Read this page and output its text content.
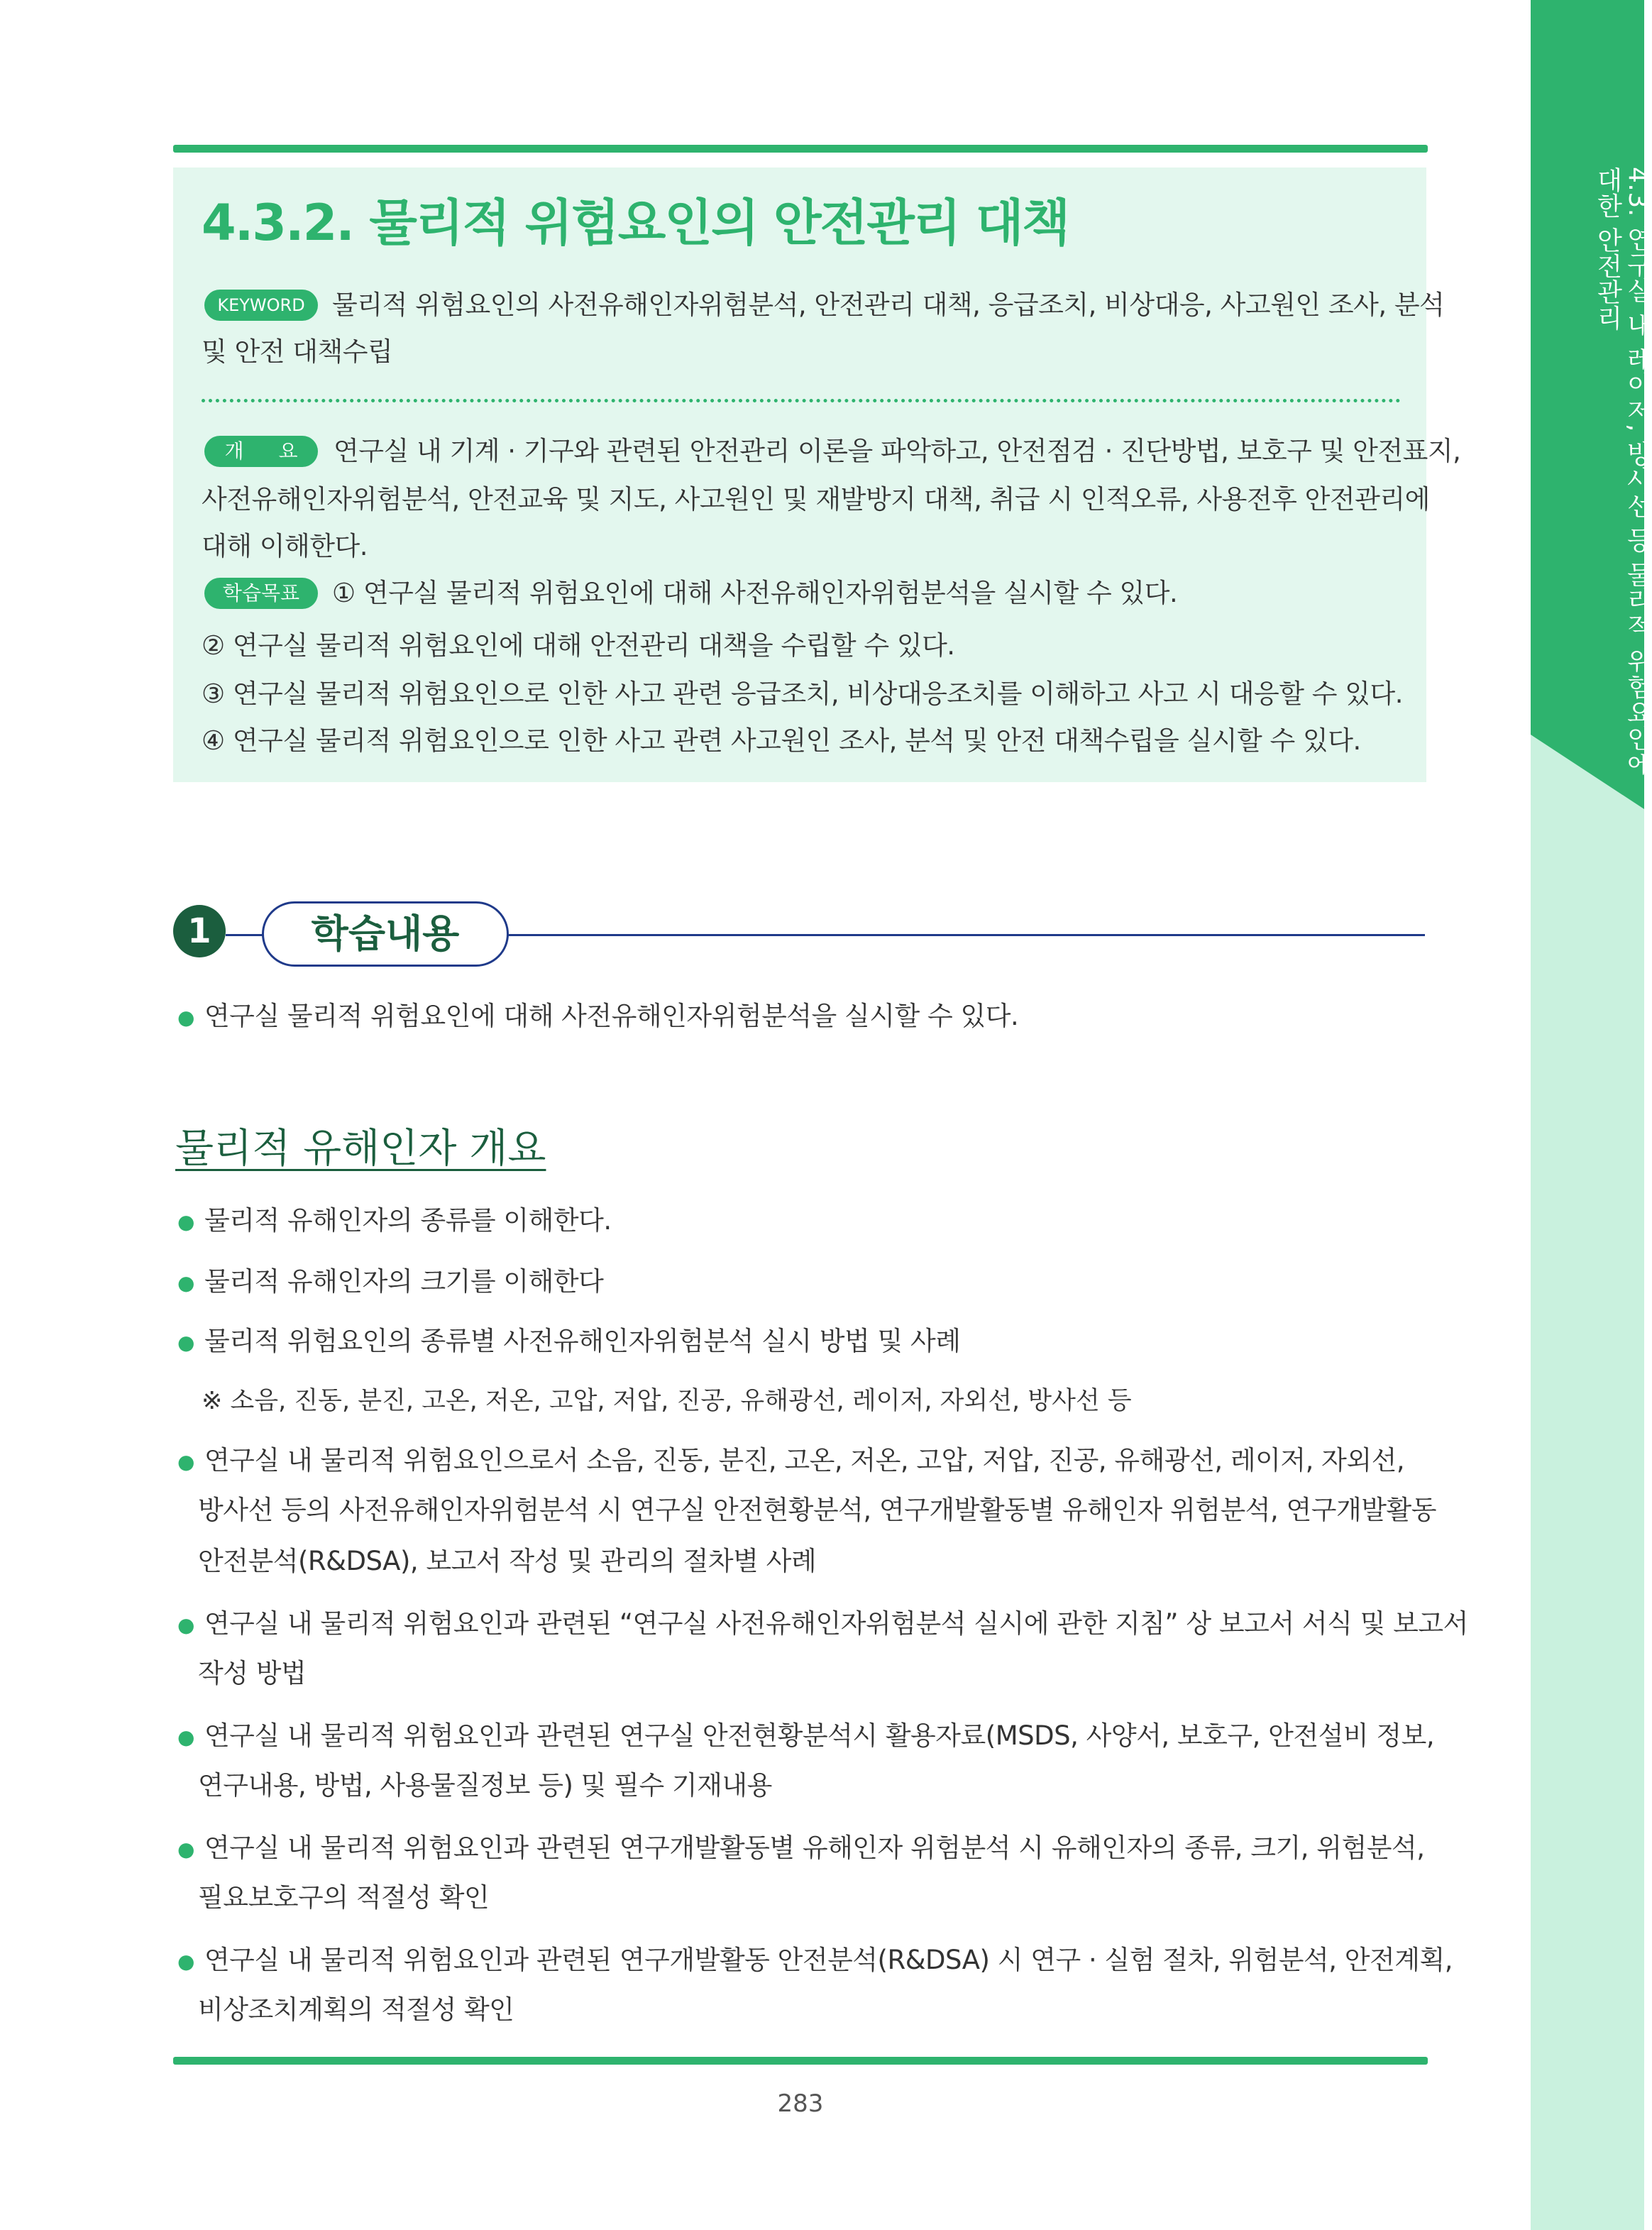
4.3. 연구실 내 레이저, 방사선 등 물리적 위험요인에
대한 안전관리
4.3.2. 물리적 위험요인의 안전관리 대책
KEYWORD	물리적 위험요인의 사전유해인자위험분석, 안전관리 대책, 응급조치, 비상대응, 사고원인 조사, 분석
및 안전 대책수립
개 요	연구실 내 기계 · 기구와 관련된 안전관리 이론을 파악하고, 안전점검 · 진단방법, 보호구 및 안전표지,
사전유해인자위험분석, 안전교육 및 지도, 사고원인 및 재발방지 대책, 취급 시 인적오류, 사용전후 안전관리에
대해 이해한다.
학습목표	① 연구실 물리적 위험요인에 대해 사전유해인자위험분석을 실시할 수 있다.
② 연구실 물리적 위험요인에 대해 안전관리 대책을 수립할 수 있다.
③ 연구실 물리적 위험요인으로 인한 사고 관련 응급조치, 비상대응조치를 이해하고 사고 시 대응할 수 있다.
④ 연구실 물리적 위험요인으로 인한 사고 관련 사고원인 조사, 분석 및 안전 대책수립을 실시할 수 있다.
1	학습내용
● 연구실 물리적 위험요인에 대해 사전유해인자위험분석을 실시할 수 있다.
물리적 유해인자 개요
● 물리적 유해인자의 종류를 이해한다.
● 물리적 유해인자의 크기를 이해한다
● 물리적 위험요인의 종류별 사전유해인자위험분석 실시 방법 및 사례
※ 소음, 진동, 분진, 고온, 저온, 고압, 저압, 진공, 유해광선, 레이저, 자외선, 방사선 등
● 연구실 내 물리적 위험요인으로서 소음, 진동, 분진, 고온, 저온, 고압, 저압, 진공, 유해광선, 레이저, 자외선,
방사선 등의 사전유해인자위험분석 시 연구실 안전현황분석, 연구개발활동별 유해인자 위험분석, 연구개발활동
안전분석(R&DSA), 보고서 작성 및 관리의 절차별 사례
● 연구실 내 물리적 위험요인과 관련된 “연구실 사전유해인자위험분석 실시에 관한 지침” 상 보고서 서식 및 보고서
작성 방법
● 연구실 내 물리적 위험요인과 관련된 연구실 안전현황분석시 활용자료(MSDS, 사양서, 보호구, 안전설비 정보,
연구내용, 방법, 사용물질정보 등) 및 필수 기재내용
● 연구실 내 물리적 위험요인과 관련된 연구개발활동별 유해인자 위험분석 시 유해인자의 종류, 크기, 위험분석,
필요보호구의 적절성 확인
● 연구실 내 물리적 위험요인과 관련된 연구개발활동 안전분석(R&DSA) 시 연구 · 실험 절차, 위험분석, 안전계획,
비상조치계획의 적절성 확인
283
